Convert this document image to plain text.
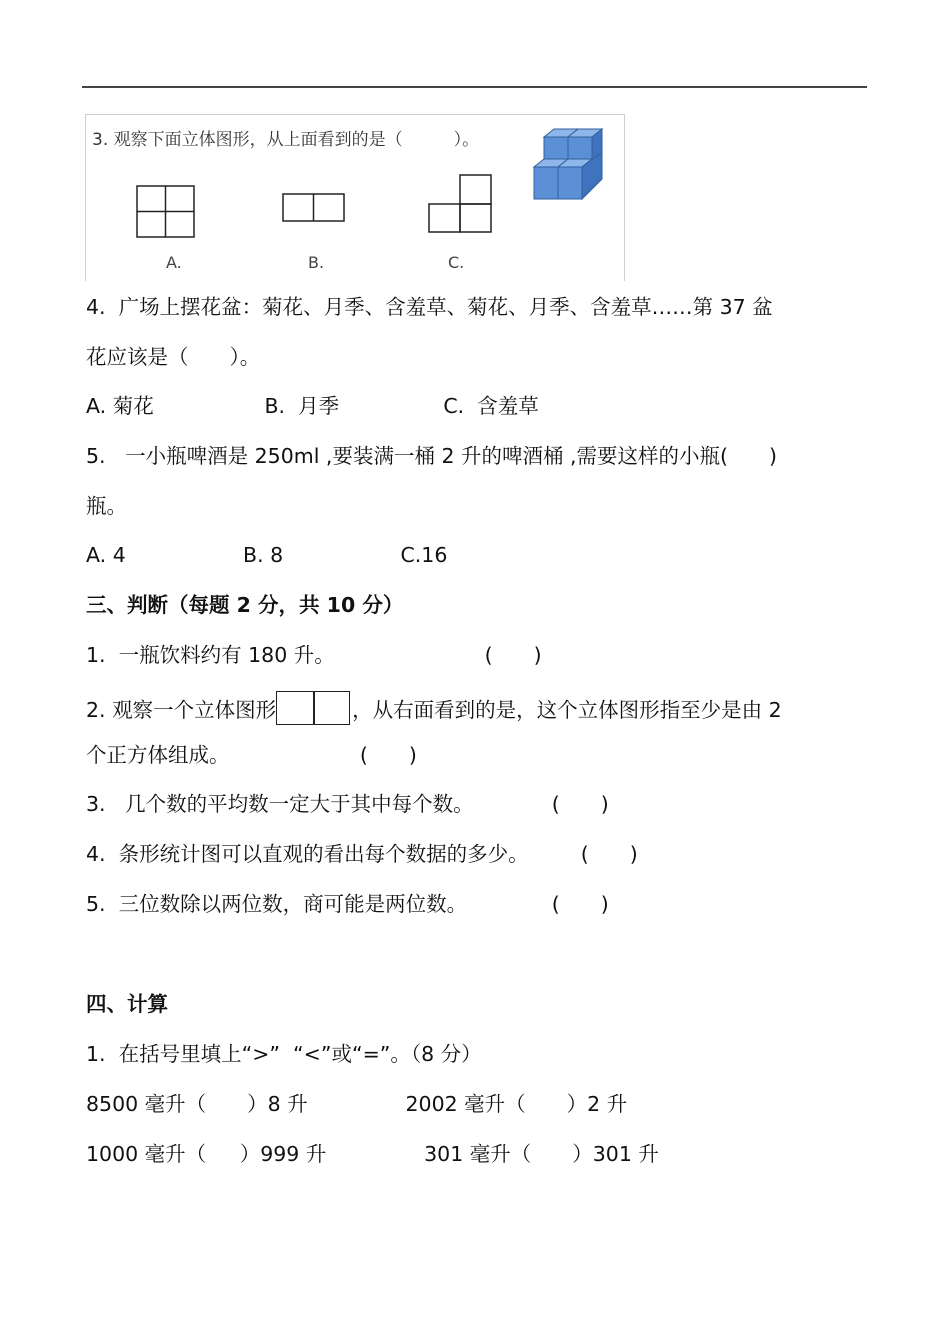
3. 观察下面立体图形，从上面看到的是（　　　）。
A.	B.	C.
4.  广场上摆花盆：菊花、月季、含羞草、菊花、月季、含羞草……第 37 盆
花应该是（　　）。
A. 菊花                 B.  月季                C.  含羞草
5.   一小瓶啤酒是 250ml ,要装满一桶 2 升的啤酒桶 ,需要这样的小瓶(　　)
瓶。
A. 4                  B. 8                  C.16
三、判断（每题 2 分，共 10 分）
1.  一瓶饮料约有 180 升。                       (　　)
2. 观察一个立体图形	，从右面看到的是，这个立体图形指至少是由 2
个正方体组成。                    (　　)
3.   几个数的平均数一定大于其中每个数。            (　　)
4.  条形统计图可以直观的看出每个数据的多少。        (　　)
5.  三位数除以两位数，商可能是两位数。             (　　)
四、计算
1.  在括号里填上“>”  “<”或“=”。（8 分）
8500 毫升（　　）8 升               2002 毫升（　　）2 升
1000 毫升（　  ）999 升               301 毫升（　　）301 升
